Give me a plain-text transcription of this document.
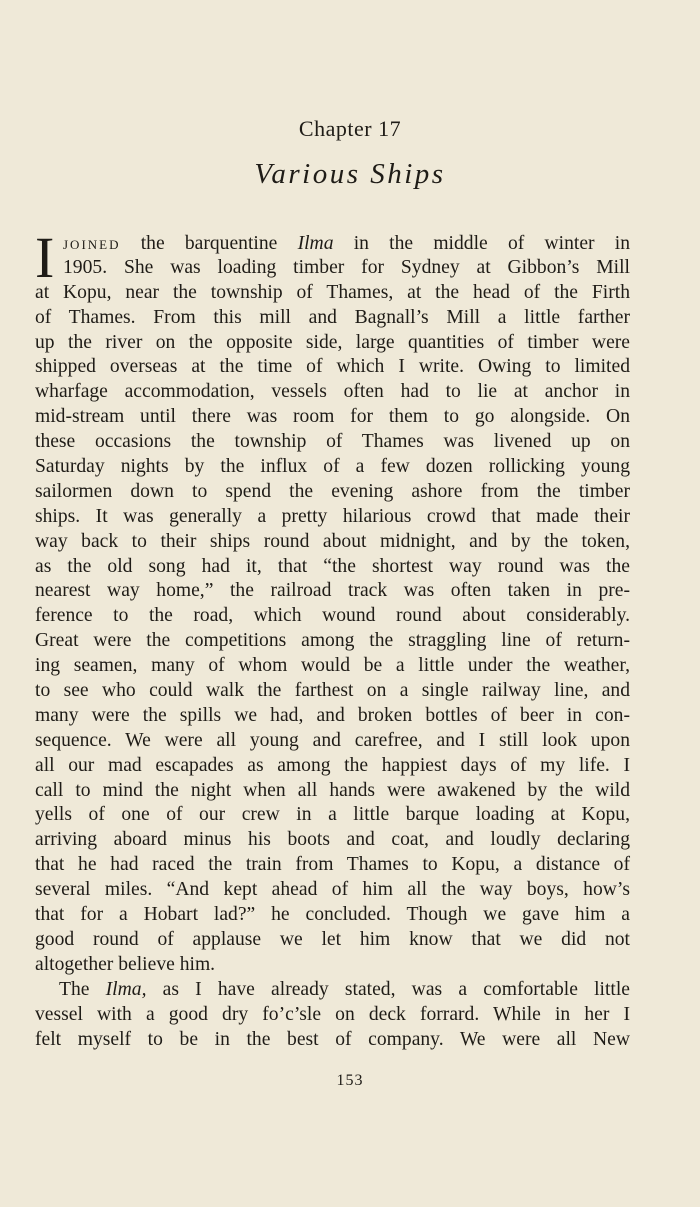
Chapter 17
Various Ships
I joined the barquentine Ilma in the middle of winter in
1905. She was loading timber for Sydney at Gibbon’s Mill
at Kopu, near the township of Thames, at the head of the Firth
of Thames. From this mill and Bagnall’s Mill a little farther
up the river on the opposite side, large quantities of timber were
shipped overseas at the time of which I write. Owing to limited
wharfage accommodation, vessels often had to lie at anchor in
mid-stream until there was room for them to go alongside. On
these occasions the township of Thames was livened up on
Saturday nights by the influx of a few dozen rollicking young
sailormen down to spend the evening ashore from the timber
ships. It was generally a pretty hilarious crowd that made their
way back to their ships round about midnight, and by the token,
as the old song had it, that “the shortest way round was the
nearest way home,” the railroad track was often taken in pre-
ference to the road, which wound round about considerably.
Great were the competitions among the straggling line of return-
ing seamen, many of whom would be a little under the weather,
to see who could walk the farthest on a single railway line, and
many were the spills we had, and broken bottles of beer in con-
sequence. We were all young and carefree, and I still look upon
all our mad escapades as among the happiest days of my life. I
call to mind the night when all hands were awakened by the wild
yells of one of our crew in a little barque loading at Kopu,
arriving aboard minus his boots and coat, and loudly declaring
that he had raced the train from Thames to Kopu, a distance of
several miles. “And kept ahead of him all the way boys, how’s
that for a Hobart lad?” he concluded. Though we gave him a
good round of applause we let him know that we did not
altogether believe him.
The Ilma, as I have already stated, was a comfortable little
vessel with a good dry fo’c’sle on deck forrard. While in her I
felt myself to be in the best of company. We were all New
153
